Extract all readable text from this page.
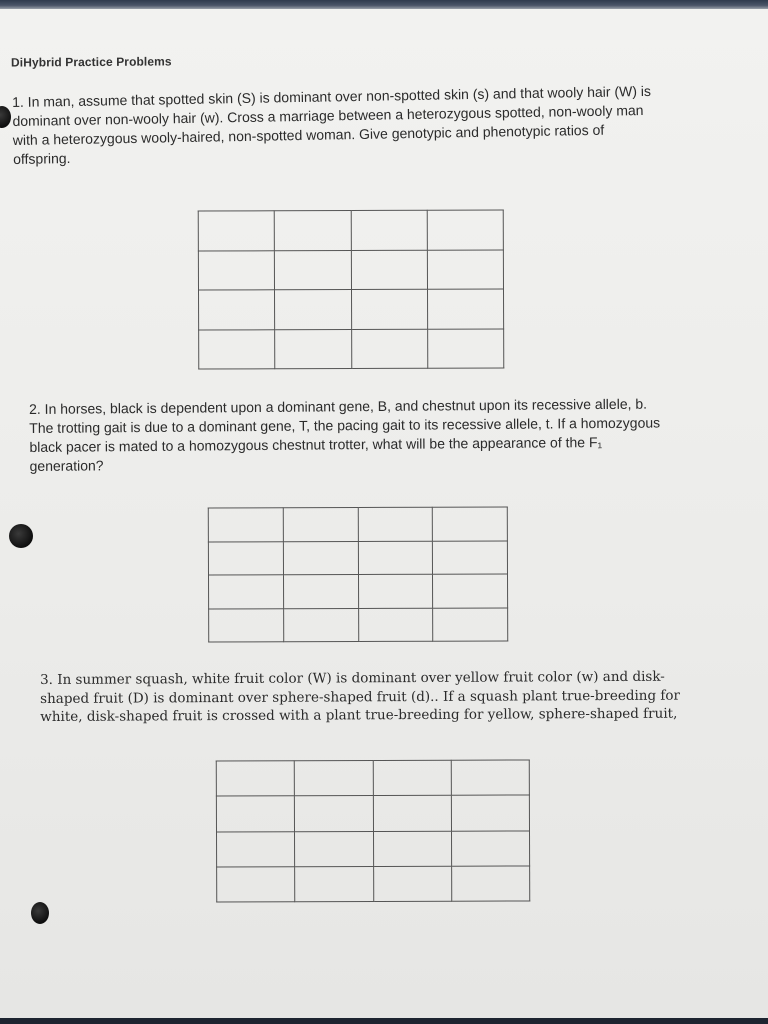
DiHybrid Practice Problems

1. In man, assume that spotted skin (S) is dominant over non-spotted skin (s) and that wooly hair (W) is dominant over non-wooly hair (w). Cross a marriage between a heterozygous spotted, non-wooly man with a heterozygous wooly-haired, non-spotted woman. Give genotypic and phenotypic ratios of offspring.

2. In horses, black is dependent upon a dominant gene, B, and chestnut upon its recessive allele, b. The trotting gait is due to a dominant gene, T, the pacing gait to its recessive allele, t. If a homozygous black pacer is mated to a homozygous chestnut trotter, what will be the appearance of the F₁ generation?

3. In summer squash, white fruit color (W) is dominant over yellow fruit color (w) and disk-
shaped fruit (D) is dominant over sphere-shaped fruit (d).. If a squash plant true-breeding for
white, disk-shaped fruit is crossed with a plant true-breeding for yellow, sphere-shaped fruit,
